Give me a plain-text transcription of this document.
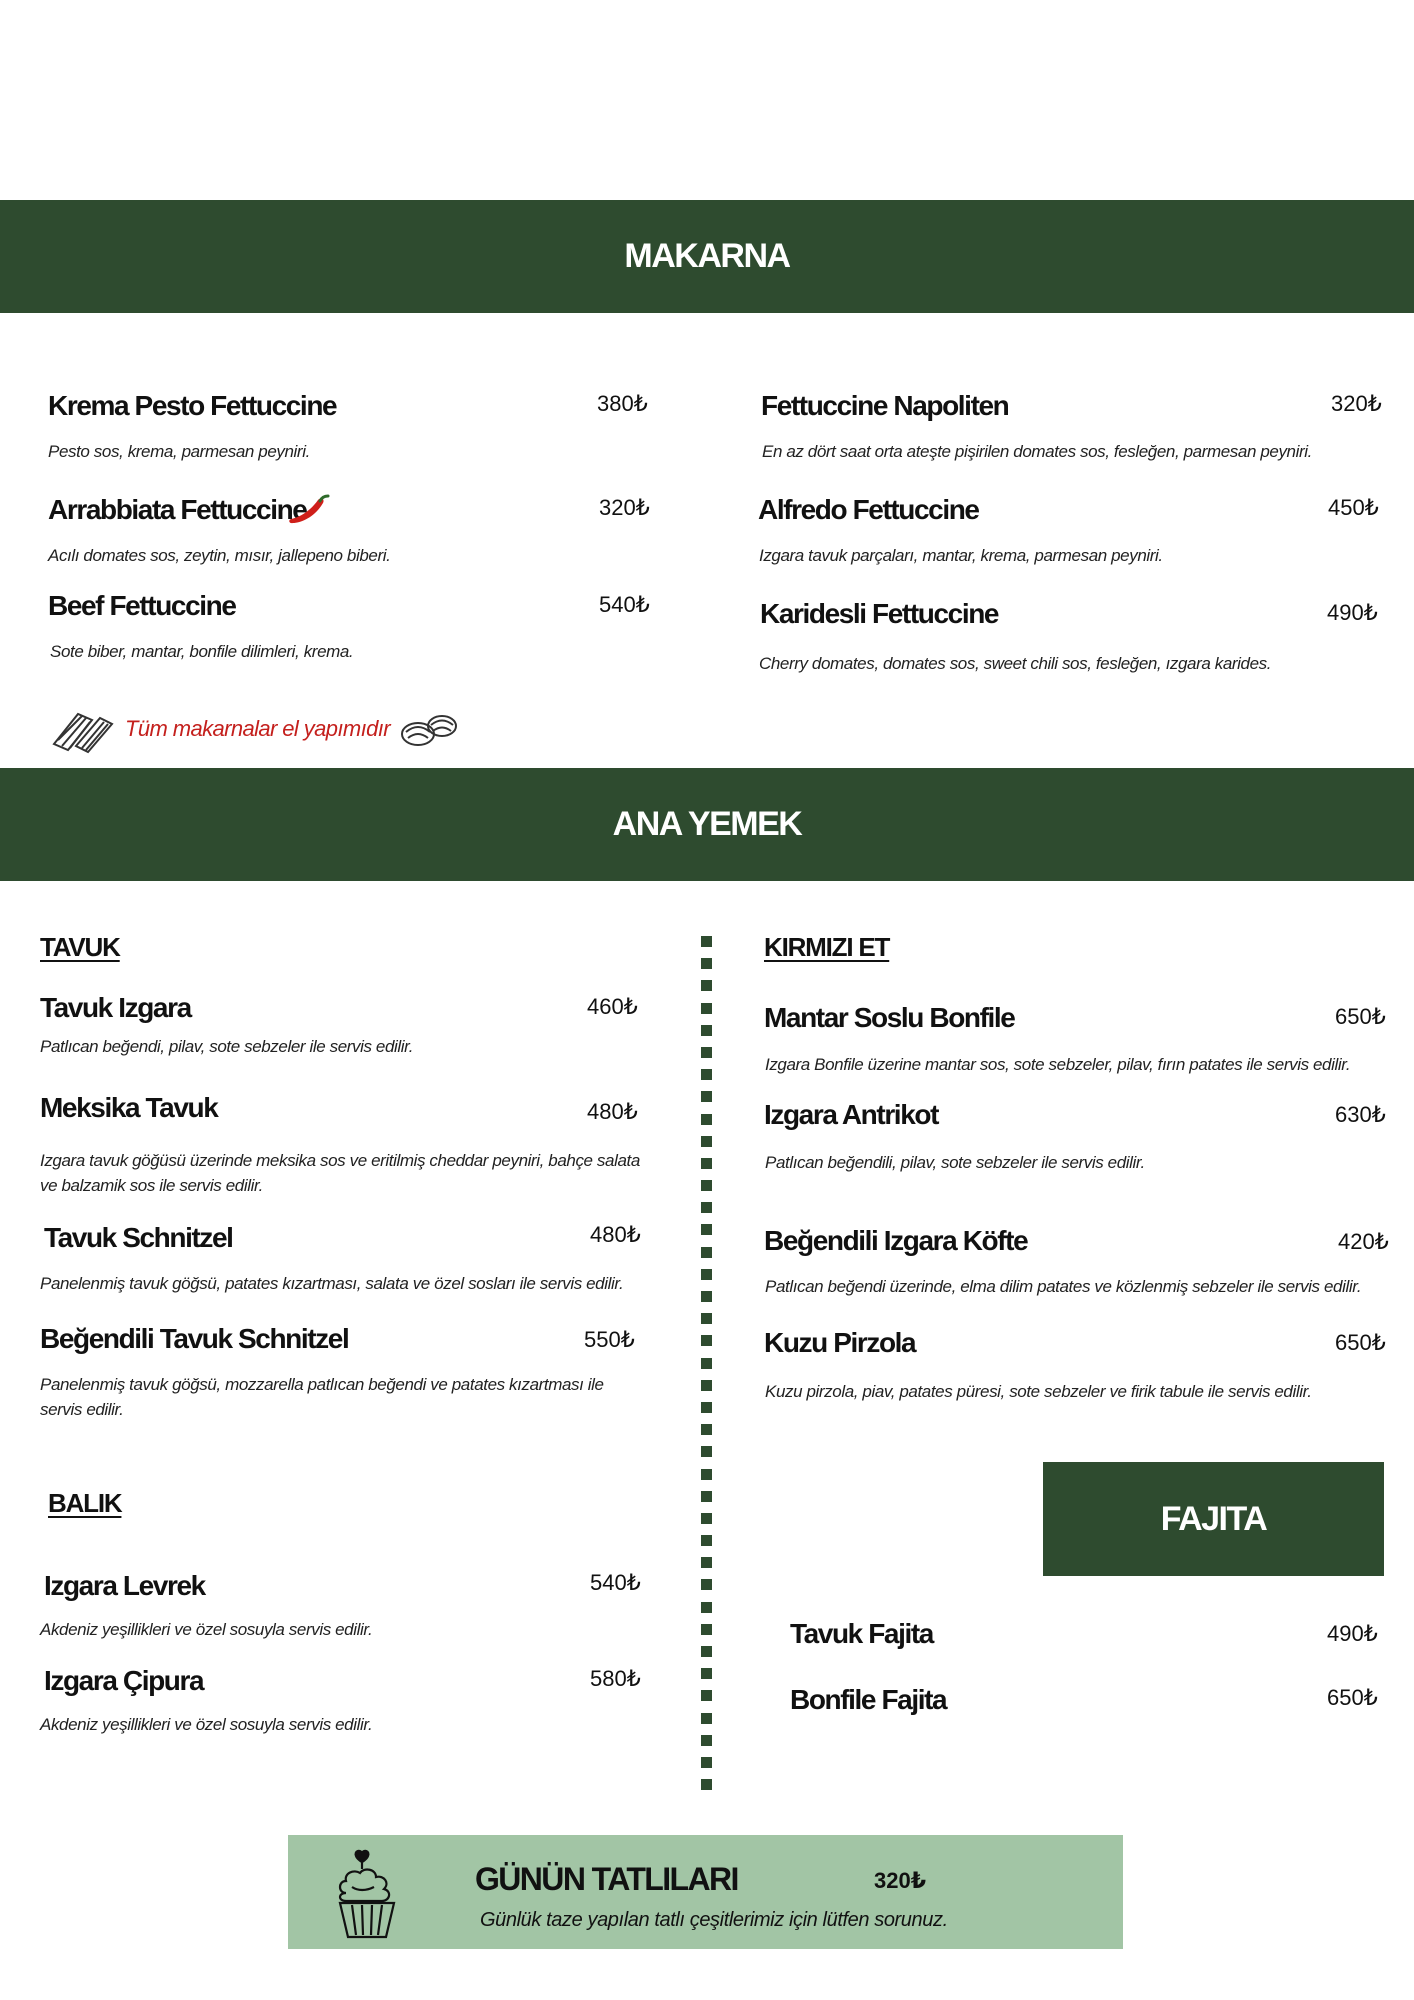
MAKARNA
Krema Pesto Fettuccine	380₺
Pesto sos, krema, parmesan peyniri.
Arrabbiata Fettuccine	320₺
Acılı domates sos, zeytin, mısır, jallepeno biberi.
Beef Fettuccine	540₺
Sote biber, mantar, bonfile dilimleri, krema.
Fettuccine Napoliten	320₺
En az dört saat orta ateşte pişirilen domates sos, fesleğen, parmesan peyniri.
Alfredo Fettuccine	450₺
Izgara tavuk parçaları, mantar, krema, parmesan peyniri.
Karidesli Fettuccine	490₺
Cherry domates, domates sos, sweet chili sos, fesleğen, ızgara karides.
Tüm makarnalar el yapımıdır
ANA YEMEK
TAVUK
Tavuk Izgara	460₺
Patlıcan beğendi, pilav, sote sebzeler ile servis edilir.
Meksika Tavuk	480₺
Izgara tavuk göğüsü üzerinde meksika sos ve eritilmiş cheddar peyniri, bahçe salata ve balzamik sos ile servis edilir.
Tavuk Schnitzel	480₺
Panelenmiş tavuk göğsü, patates kızartması, salata ve özel sosları ile servis edilir.
Beğendili Tavuk Schnitzel	550₺
Panelenmiş tavuk göğsü, mozzarella patlıcan beğendi ve patates kızartması ile servis edilir.
BALIK
Izgara Levrek	540₺
Akdeniz yeşillikleri ve özel sosuyla servis edilir.
Izgara Çipura	580₺
Akdeniz yeşillikleri ve özel sosuyla servis edilir.
KIRMIZI ET
Mantar Soslu Bonfile	650₺
Izgara Bonfile üzerine mantar sos, sote sebzeler, pilav, fırın patates ile servis edilir.
Izgara Antrikot	630₺
Patlıcan beğendili, pilav, sote sebzeler ile servis edilir.
Beğendili Izgara Köfte	420₺
Patlıcan beğendi üzerinde, elma dilim patates ve közlenmiş sebzeler ile servis edilir.
Kuzu Pirzola	650₺
Kuzu pirzola, piav, patates püresi, sote sebzeler ve firik tabule ile servis edilir.
FAJITA
Tavuk Fajita	490₺
Bonfile Fajita	650₺
GÜNÜN TATLILARI	320₺
Günlük taze yapılan tatlı çeşitlerimiz için lütfen sorunuz.
